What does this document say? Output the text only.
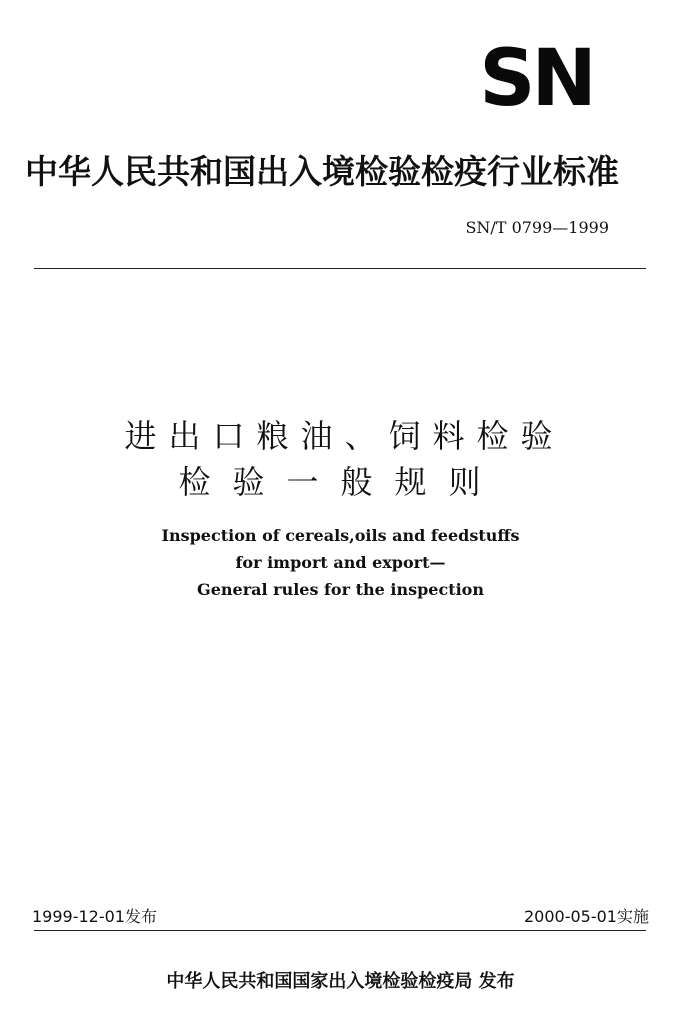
SN
中华人民共和国出入境检验检疫行业标准
SN/T 0799—1999
进出口粮油、饲料检验
检验一般规则
Inspection of cereals,oils and feedstuffs
for import and export—
General rules for the inspection
1999-12-01发布	2000-05-01实施
中华人民共和国国家出入境检验检疫局 发布
